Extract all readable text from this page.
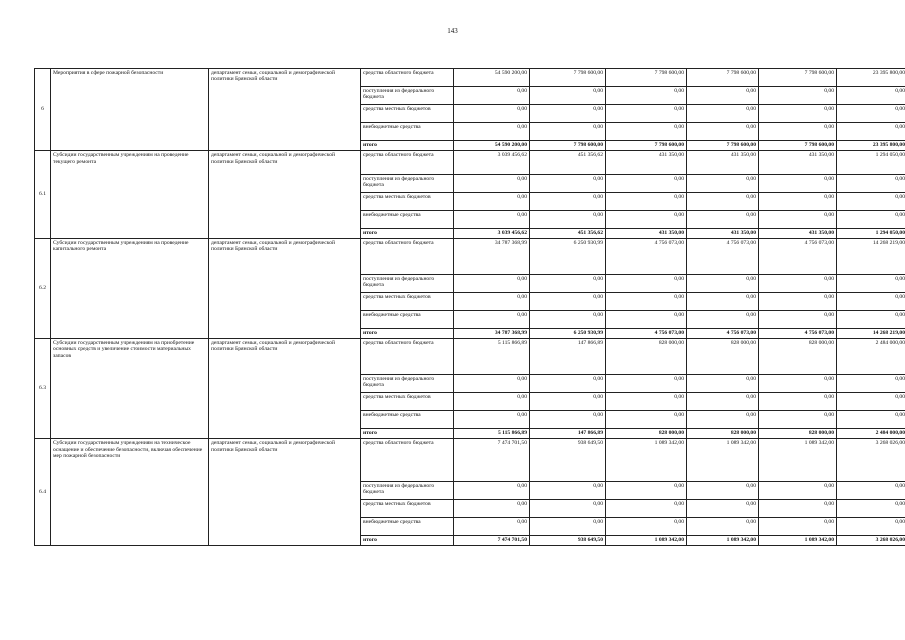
143
6	Мероприятия в сфере пожарной безопасности	департамент семьи, социальной и демографической политики Брянской области	средства областного бюджета	54 590 200,00	7 798 600,00	7 798 600,00	7 798 600,00	7 798 600,00	23 395 800,00
			поступления из федерального бюджета	0,00	0,00	0,00	0,00	0,00	0,00
			средства местных бюджетов	0,00	0,00	0,00	0,00	0,00	0,00
			внебюджетные средства	0,00	0,00	0,00	0,00	0,00	0,00
			итого	54 590 200,00	7 798 600,00	7 798 600,00	7 798 600,00	7 798 600,00	23 395 800,00
6.1	Субсидии государственным учреждениям на проведение текущего ремонта	департамент семьи, социальной и демографической политики Брянской области	средства областного бюджета	3 039 456,62	451 356,62	431 350,00	431 350,00	431 350,00	1 294 050,00
			поступления из федерального бюджета	0,00	0,00	0,00	0,00	0,00	0,00
			средства местных бюджетов	0,00	0,00	0,00	0,00	0,00	0,00
			внебюджетные средства	0,00	0,00	0,00	0,00	0,00	0,00
			итого	3 039 456,62	451 356,62	431 350,00	431 350,00	431 350,00	1 294 050,00
6.2	Субсидии государственным учреждениям на проведение капитального ремонта	департамент семьи, социальной и демографической политики Брянской области	средства областного бюджета	34 787 368,99	6 250 930,99	4 756 073,00	4 756 073,00	4 756 073,00	14 268 219,00
			поступления из федерального бюджета	0,00	0,00	0,00	0,00	0,00	0,00
			средства местных бюджетов	0,00	0,00	0,00	0,00	0,00	0,00
			внебюджетные средства	0,00	0,00	0,00	0,00	0,00	0,00
			итого	34 787 368,99	6 250 930,99	4 756 073,00	4 756 073,00	4 756 073,00	14 268 219,00
6.3	Субсидии государственным учреждениям на приобретение основных средств и увеличение стоимости материальных запасов	департамент семьи, социальной и демографической политики Брянской области	средства областного бюджета	5 115 866,89	147 866,89	828 000,00	828 000,00	828 000,00	2 484 000,00
			поступления из федерального бюджета	0,00	0,00	0,00	0,00	0,00	0,00
			средства местных бюджетов	0,00	0,00	0,00	0,00	0,00	0,00
			внебюджетные средства	0,00	0,00	0,00	0,00	0,00	0,00
			итого	5 115 866,89	147 866,89	828 000,00	828 000,00	828 000,00	2 484 000,00
6.4	Субсидии государственным учреждениям на техническое оснащение и обеспечение безопасности, включая обеспечение мер пожарной безопасности	департамент семьи, социальной и демографической политики Брянской области	средства областного бюджета	7 474 701,50	938 649,50	1 089 342,00	1 089 342,00	1 089 342,00	3 268 026,00
			поступления из федерального бюджета	0,00	0,00	0,00	0,00	0,00	0,00
			средства местных бюджетов	0,00	0,00	0,00	0,00	0,00	0,00
			внебюджетные средства	0,00	0,00	0,00	0,00	0,00	0,00
			итого	7 474 701,50	938 649,50	1 089 342,00	1 089 342,00	1 089 342,00	3 268 026,00
